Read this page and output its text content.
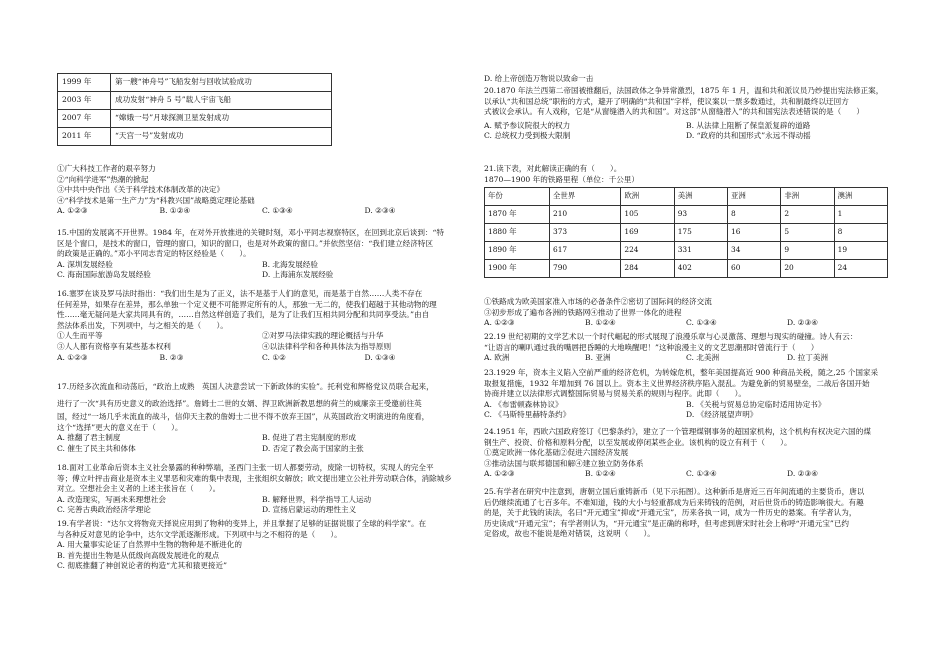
1999 年	第一艘“神舟号”飞船发射与回收试验成功
2003 年	成功发射“神舟 5 号”载人宇宙飞船
2007 年	“嫦娥一号”月球探测卫星发射成功
2011 年	“天宫一号”发射成功

①广大科技工作者的艰辛努力

②“向科学进军”热潮的掀起

③中共中央作出《关于科学技术体制改革的决定》

④“科学技术是第一生产力”为“科教兴国”战略奠定理论基础

A. ①②③	B. ①②④	C. ①③④	D. ②③④

15.中国的发展离不开世界。1984 年，在对外开放推进的关键时刻，邓小平同志视察特区，在回到北京后谈到：“特

区是个窗口，是技术的窗口，管理的窗口，知识的窗口，也是对外政策的窗口。”并依然坚信：“我们建立经济特区

的政策是正确的。”邓小平同志肯定的特区经验是（　　）。

A. 深圳发展经验	B. 北海发展经验
C. 海南国际旅游岛发展经验	D. 上海浦东发展经验

16.塞罗在谈及罗马法时指出：“我们出生是为了正义，法不是基于人们的意见，而是基于自然……人类不存在

任何差异，如果存在差异，那么单独一个定义便不可能界定所有的人，那独一无二的，使我们超越于其他动物的理

性……毫无疑问是大家共同具有的，……自然这样创造了我们，是为了让我们互相共同分配和共同享受法。”由自

然法体系出发，下列项中，与之相关的是（　　）。

①人生而平等	②对罗马法律实践的理论概括与升华
③人人都有资格享有某些基本权利	④以法律科学和各种具体法为指导原则
A. ①②③	B. ②③	C. ①②	D. ①③④

17.历经多次流血和动荡后，“政治上成熟　英国人决意尝试一下新政体的实验”。托利党和辉格党议员联合起来，

进行了一次“具有历史意义的政治选择”。詹姆士二世的女婿、捍卫欧洲新教思想的荷兰的威廉亲王受邀前往英

国，经过“一场几乎未流血的战斗，信仰天主教的詹姆士二世不得不放弃王国”，从英国政治文明演进的角度看，

这个“选择”更大的意义在于（　　）。

A. 推翻了君主制度	B. 促进了君主宪制度的形成
C. 催生了民主共和体体	D. 否定了教会高于国家的主张

18.面对工业革命后资本主义社会暴露的种种弊端，圣西门主张一切人都要劳动，废除一切特权，实现人的完全平

等；傅立叶抨击商业是资本主义罪恶和灾难的集中表现，主张组织女解放；欧文提出建立公社并劳动联合体，消除城乡

对立。空想社会主义者的上述主张旨在（　　）。

A. 改造现实，写画未来理想社会	B. 解释世界，科学指导工人运动
C. 完善古典政治经济学理论	D. 宣扬启蒙运动的理性主义

19.有学者说：“达尔文将物竞天择说应用到了物种的变异上，并且掌握了足够的证据说服了全球的科学家”。在

与各种反对意见的论争中，达尔文学派逐渐形成。下列项中与之不相符的是（　　）。

A. 用大量事实论证了自然界中生物的物种是不断进化的

B. 首先提出生物是从低级向高级发展进化的观点

C. 彻底推翻了神创说论者的构造“尤其和猿更接近”

D. 给上帝创造万物说以致命一击

20.1870 年法兰西第二帝国被推翻后，法国政体之争异常激烈，1875 年 1 月，温和共和派议员乃纱提出宪法修正案，

以承认“共和国总统”职衔的方式，避开了明确的“共和国”字样，使议案以一票多数通过，共和制最终以迂回方

式被议会承认。有人戏称，它是“从窗缝潜入的共和国”。对这部“从窗缝潜入”的共和国宪法表述错误的是（　　）

A. 赋予参议院很大的权力	B. 从法律上阻断了保皇派复辟的道路
C. 总统权力受到极大限制	D. “政府的共和国形式”永远不得动摇

21.读下表，对此解读正确的有（　　）。

1870—1900 年的铁路里程（单位：千公里）

年份	全世界	欧洲	美洲	亚洲	非洲	澳洲
1870 年	210	105	93	8	2	1
1880 年	373	169	175	16	5	8
1890 年	617	224	331	34	9	19
1900 年	790	284	402	60	20	24

①铁路成为欧美国家准入市场的必备条件②密切了国际间的经济交流

③初步形成了遍布各洲的铁路网④推动了世界一体化的进程

A. ①②③	B. ①②④	C. ①③④	D. ②③④

22.19 世纪初期的文学艺术以一个时代崛起的形式展现了浪漫乐章与心灵激荡、理想与现实的碰撞。诗人有云：

“让语言的喇叭通过我的嘴唇把昏睡的大地唤醒吧！”这种浪漫主义的文艺思潮那时曾流行于（　　）

A. 欧洲	B. 亚洲	C. 北美洲	D. 拉丁美洲

23.1929 年，资本主义陷入空前严重的经济危机，为转嫁危机，整年美国提高近 900 种商品关税，随之,25 个国家采

取报复措施，1932 年增加到 76 国以上。资本主义世界经济秩序陷入混乱。为避免新的贸易壁垒，二战后各国开始

协商并建立以法律形式调整国际贸易与贸易关系的规则与程序。此即（　　）。

A. 《布雷顿森林协议》	B. 《关税与贸易总协定临时适用协定书》
C. 《马斯特里赫特条约》	D. 《经济展望声明》

24.1951 年，西欧六国政府签订《巴黎条约》，建立了一个管理煤钢事务的超国家机构，这个机构有权决定六国的煤

钢生产、投资、价格和原料分配，以至发展或停闭某些企业。该机构的设立有利于（　　）。

①奠定欧洲一体化基础②促进六国经济发展

③推动法国与联邦德国和解④建立独立防务体系

A. ①②③	B. ①②④	C. ①③④	D. ②③④

25.有学者在研究中注意到，唐朝立国后重铸新币（见下示拓图）。这种新币是唐近三百年间流通的主要货币，唐以

后仍继续流通了七百多年。不难知道，钱的大小与轻重都成为后来铸钱的范例，对后世货币的铸造影响很大。有趣

的是，关于此钱的读法，名曰“开元通宝”抑或“开通元宝”，历来各执一词，成为一件历史的悬案。有学者认为，

历史读成“开通元宝”；有学者则认为，“开元通宝”是正确的称呼，但考虑到唐宋时社会上称呼“开通元宝”已约

定俗成，故也不能说是绝对错误，这说明（　　）。
